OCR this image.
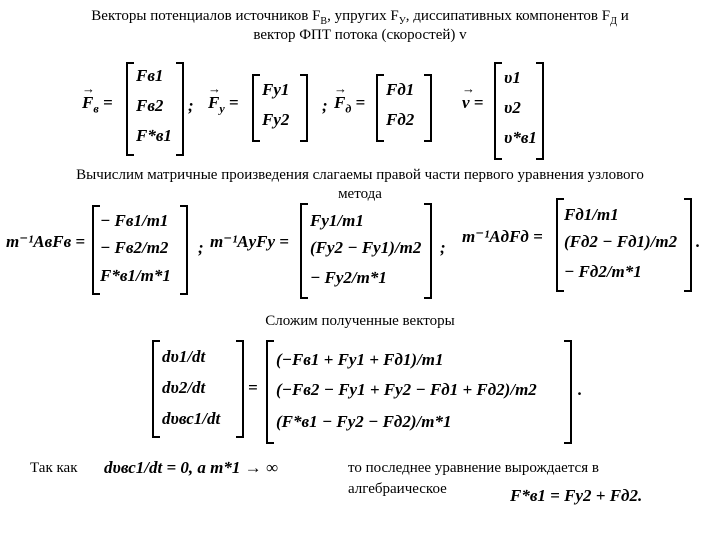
Векторы потенциалов источников $F_В$, упругих $F_У$, диссипативных компонентов $F_Д$ и
вектор ФПТ потока (скоростей) v
→ $F_в$ =
Fв1
Fв2
F*в1
; → $F_у$ =
Fу1
Fу2
; → $F_д$ =
Fд1
Fд2
→ v =
υ1
υ2
υ*в1
Вычислим матричные произведения слагаемы правой части первого уравнения узлового
метода
m⁻¹AвFв =
− Fв1/m1
− Fв2/m2
F*в1/m*1
; m⁻¹AуFу =
Fу1/m1
(Fу2 − Fу1)/m2
− Fу2/m*1
;
m⁻¹AдFд =
Fд1/m1
(Fд2 − Fд1)/m2
− Fд2/m*1
.
Сложим полученные векторы
dυ1/dt
dυ2/dt
dυвс1/dt
=
(−Fв1 + Fу1 + Fд1)/m1
(−Fв2 − Fу1 + Fу2 − Fд1 + Fд2)/m2
(F*в1 − Fу2 − Fд2)/m*1
.
Так как dυвс1/dt = 0, а m*1 → ∞	то последнее уравнение вырождается в
алгебраическое	F*в1 = Fу2 + Fд2.
